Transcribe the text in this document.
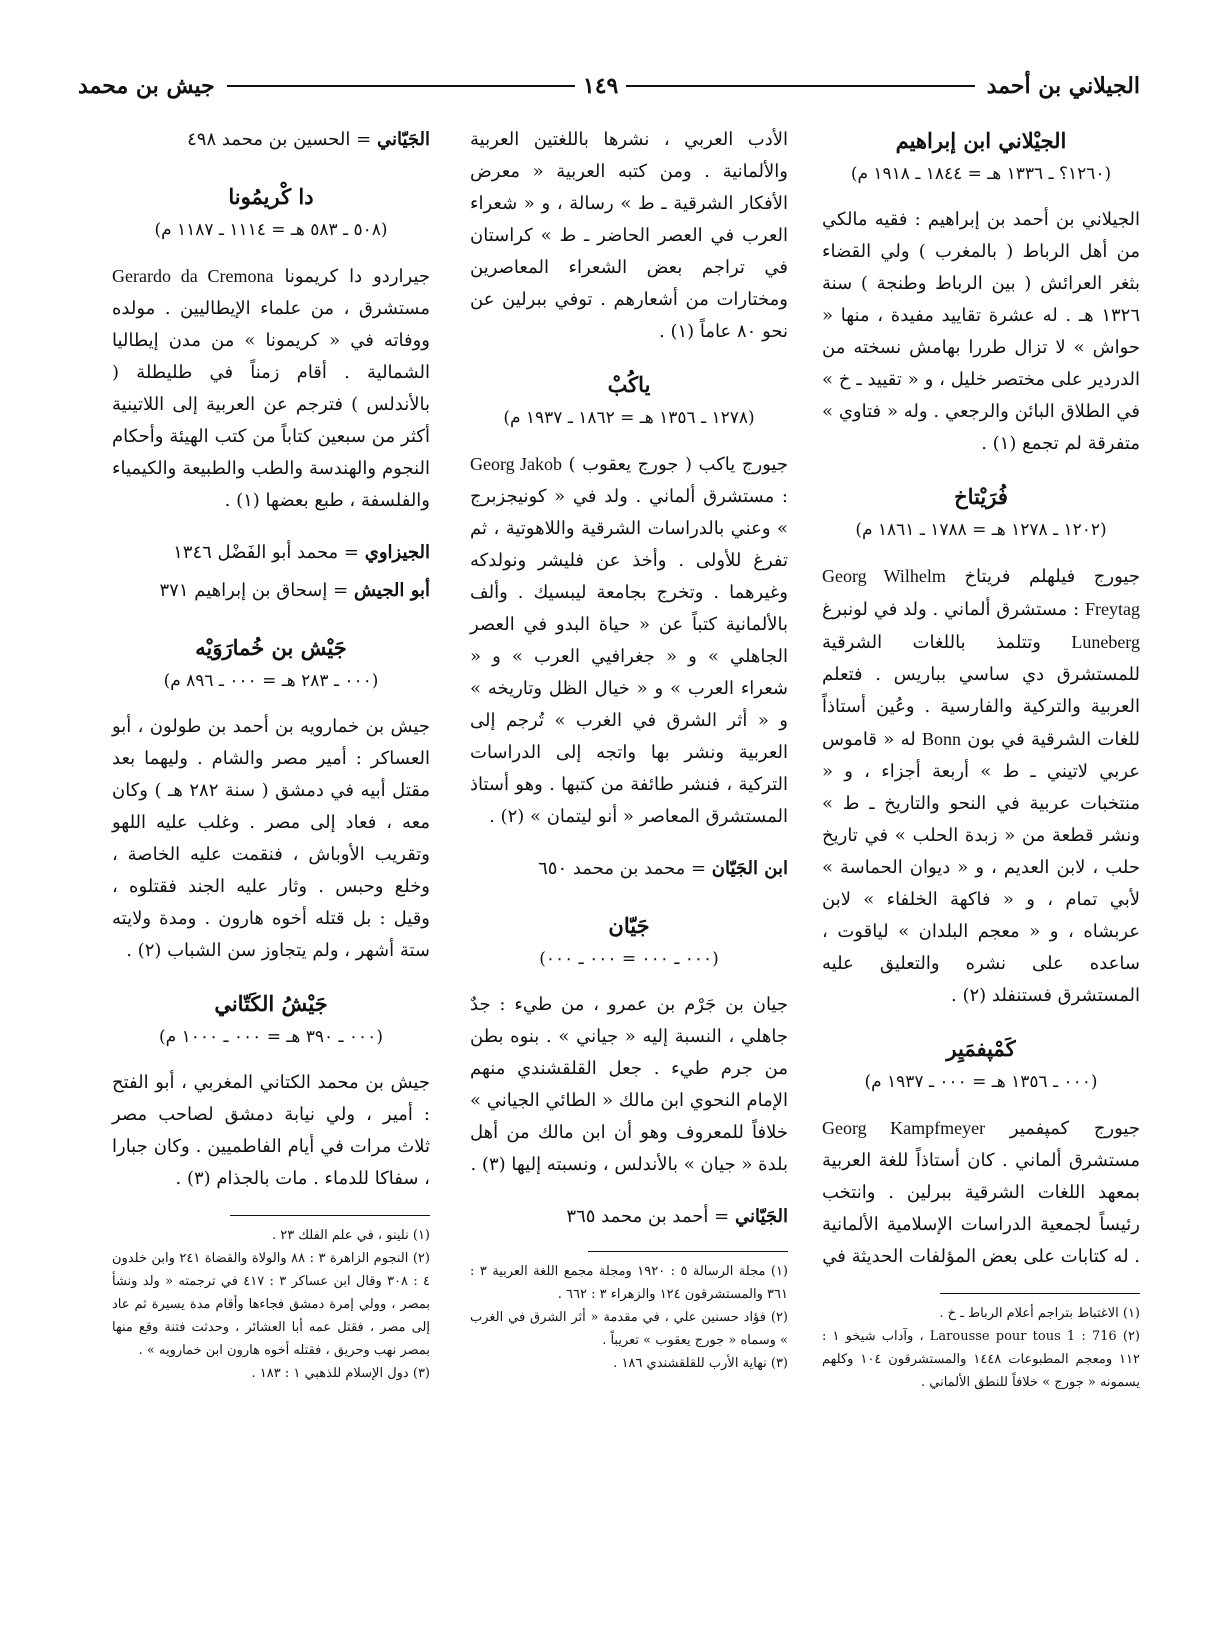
الجيلاني بن أحمد
١٤٩
جيش بن محمد

الجيْلاني ابن إبراهيم

(١٢٦٠؟ ـ ١٣٣٦ هـ = ١٨٤٤ ـ ١٩١٨ م)

الجيلاني بن أحمد بن إبراهيم : فقيه مالكي من أهل الرباط ( بالمغرب ) ولي القضاء بثغر العرائش ( بين الرباط وطنجة ) سنة ١٣٢٦ هـ . له عشرة تقاييد مفيدة ، منها « حواش » لا تزال طررا بهامش نسخته من الدردير على مختصر خليل ، و « تقييد ـ خ » في الطلاق البائن والرجعي . وله « فتاوي » متفرقة لم تجمع (١) .

فُرَيْتاخ

(١٢٠٢ ـ ١٢٧٨ هـ = ١٧٨٨ ـ ١٨٦١ م)

جيورج فيلهلم فريتاخ Georg Wilhelm Freytag : مستشرق ألماني . ولد في لونبرغ Luneberg وتتلمذ باللغات الشرقية للمستشرق دي ساسي بباريس . فتعلم العربية والتركية والفارسية . وعُين أستاذاً للغات الشرقية في بون Bonn له « قاموس عربي لاتيني ـ ط » أربعة أجزاء ، و « منتخبات عربية في النحو والتاريخ ـ ط » ونشر قطعة من « زبدة الحلب » في تاريخ حلب ، لابن العديم ، و « ديوان الحماسة » لأبي تمام ، و « فاكهة الخلفاء » لابن عربشاه ، و « معجم البلدان » لياقوت ، ساعده على نشره والتعليق عليه المستشرق فستنفلد (٢) .

كَمْپفمَيِر

(٠٠٠ ـ ١٣٥٦ هـ = ٠٠٠ ـ ١٩٣٧ م)

جيورج كمپفمير Georg Kampfmeyer مستشرق ألماني . كان أستاذاً للغة العربية بمعهد اللغات الشرقية ببرلين . وانتخب رئيساً لجمعية الدراسات الإسلامية الألمانية . له كتابات على بعض المؤلفات الحديثة في

(١) الاغتباط بتراجم أعلام الرباط ـ خ .

(٢) Larousse pour tous 1 : 716 ، وآداب شيخو ١ : ١١٢ ومعجم المطبوعات ١٤٤٨ والمستشرقون ١٠٤ وكلهم يسمونه « جورج » خلافاً للنطق الألماني .

الأدب العربي ، نشرها باللغتين العربية والألمانية . ومن كتبه العربية « معرض الأفكار الشرقية ـ ط » رسالة ، و « شعراء العرب في العصر الحاضر ـ ط » كراستان في تراجم بعض الشعراء المعاصرين ومختارات من أشعارهم . توفي ببرلين عن نحو ٨٠ عاماً (١) .

ياكُبْ

(١٢٧٨ ـ ١٣٥٦ هـ = ١٨٦٢ ـ ١٩٣٧ م)

جيورج ياكب ( جورج يعقوب ) Georg Jakob : مستشرق ألماني . ولد في « كونيجزبرج » وعني بالدراسات الشرقية واللاهوتية ، ثم تفرغ للأولى . وأخذ عن فليشر ونولدكه وغيرهما . وتخرج بجامعة ليبسيك . وألف بالألمانية كتباً عن « حياة البدو في العصر الجاهلي » و « جغرافيي العرب » و « شعراء العرب » و « خيال الظل وتاريخه » و « أثر الشرق في الغرب » تُرجم إلى العربية ونشر بها واتجه إلى الدراسات التركية ، فنشر طائفة من كتبها . وهو أستاذ المستشرق المعاصر « أنو ليتمان » (٢) .

ابن الجَيّان = محمد بن محمد ٦٥٠

جَيّان

(٠٠٠ ـ ٠٠٠ = ٠٠٠ ـ ٠٠٠)

جيان بن جَرْم بن عمرو ، من طيء : جدٌ جاهلي ، النسبة إليه « جياني » . بنوه بطن من جرم طيء . جعل القلقشندي منهم الإمام النحوي ابن مالك « الطائي الجياني » خلافاً للمعروف وهو أن ابن مالك من أهل بلدة « جيان » بالأندلس ، ونسبته إليها (٣) .

الجَيّاني = أحمد بن محمد ٣٦٥

(١) مجلة الرسالة ٥ : ١٩٢٠ ومجلة مجمع اللغة العربية ٣ : ٣٦١ والمستشرقون ١٢٤ والزهراء ٣ : ٦٦٢ .

(٢) فؤاد حسنين علي ، في مقدمة « أثر الشرق في الغرب » وسماه « جورج يعقوب » تعريباً .

(٣) نهاية الأرب للقلقشندي ١٨٦ .

الجَيّاني = الحسين بن محمد ٤٩٨

دا كْريمُونا

(٥٠٨ ـ ٥٨٣ هـ = ١١١٤ ـ ١١٨٧ م)

جيراردو دا كريمونا Gerardo da Cremona مستشرق ، من علماء الإيطاليين . مولده ووفاته في « كريمونا » من مدن إيطاليا الشمالية . أقام زمناً في طليطلة ( بالأندلس ) فترجم عن العربية إلى اللاتينية أكثر من سبعين كتاباً من كتب الهيئة وأحكام النجوم والهندسة والطب والطبيعة والكيمياء والفلسفة ، طبع بعضها (١) .

الجيزاوي = محمد أبو الفَضْل ١٣٤٦

أبو الجيش = إسحاق بن إبراهيم ٣٧١

جَيْش بن خُمارَوَيْه

(٠٠٠ ـ ٢٨٣ هـ = ٠٠٠ ـ ٨٩٦ م)

جيش بن خمارويه بن أحمد بن طولون ، أبو العساكر : أمير مصر والشام . وليهما بعد مقتل أبيه في دمشق ( سنة ٢٨٢ هـ ) وكان معه ، فعاد إلى مصر . وغلب عليه اللهو وتقريب الأوباش ، فنقمت عليه الخاصة ، وخلع وحبس . وثار عليه الجند فقتلوه ، وقيل : بل قتله أخوه هارون . ومدة ولايته ستة أشهر ، ولم يتجاوز سن الشباب (٢) .

جَيْشُ الكَتّاني

(٠٠٠ ـ ٣٩٠ هـ = ٠٠٠ ـ ١٠٠٠ م)

جيش بن محمد الكتاني المغربي ، أبو الفتح : أمير ، ولي نيابة دمشق لصاحب مصر ثلاث مرات في أيام الفاطميين . وكان جبارا ، سفاكا للدماء . مات بالجذام (٣) .

(١) نلينو ، في علم الفلك ٢٣ .

(٢) النجوم الزاهرة ٣ : ٨٨ والولاة والقضاة ٢٤١ وابن خلدون ٤ : ٣٠٨ وقال ابن عساكر ٣ : ٤١٧ في ترجمته « ولد ونشأ بمصر ، وولي إمرة دمشق فجاءها وأقام مدة يسيرة ثم عاد إلى مصر ، فقتل عمه أبا العشائر ، وحدثت فتنة وقع منها بمصر نهب وحريق ، فقتله أخوه هارون ابن خمارويه » .

(٣) دول الإسلام للذهبي ١ : ١٨٣ .
